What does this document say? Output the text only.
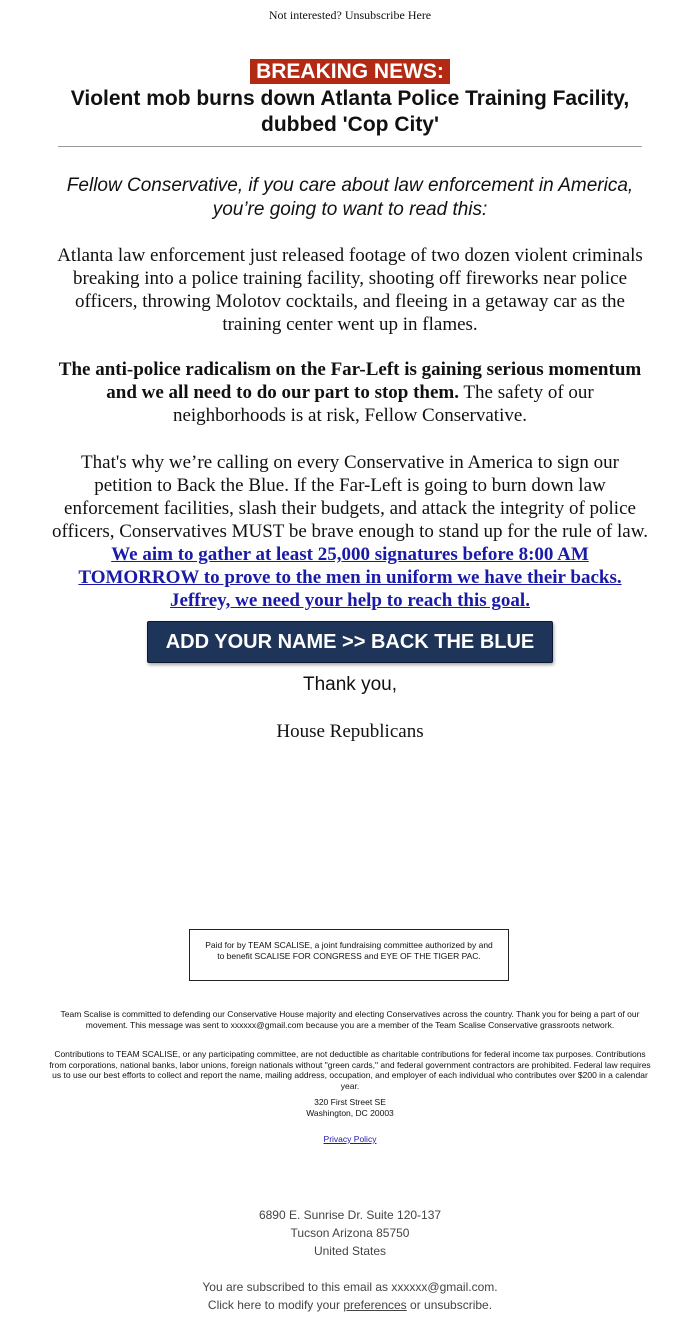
Not interested? Unsubscribe Here
BREAKING NEWS:
Violent mob burns down Atlanta Police Training Facility, dubbed 'Cop City'
Fellow Conservative, if you care about law enforcement in America, you’re going to want to read this:
Atlanta law enforcement just released footage of two dozen violent criminals breaking into a police training facility, shooting off fireworks near police officers, throwing Molotov cocktails, and fleeing in a getaway car as the training center went up in flames.
The anti-police radicalism on the Far-Left is gaining serious momentum and we all need to do our part to stop them. The safety of our neighborhoods is at risk, Fellow Conservative.
That's why we’re calling on every Conservative in America to sign our petition to Back the Blue. If the Far-Left is going to burn down law enforcement facilities, slash their budgets, and attack the integrity of police officers, Conservatives MUST be brave enough to stand up for the rule of law. We aim to gather at least 25,000 signatures before 8:00 AM TOMORROW to prove to the men in uniform we have their backs. Jeffrey, we need your help to reach this goal.
ADD YOUR NAME >> BACK THE BLUE
Thank you,
House Republicans
Paid for by TEAM SCALISE, a joint fundraising committee authorized by and to benefit SCALISE FOR CONGRESS and EYE OF THE TIGER PAC.
Team Scalise is committed to defending our Conservative House majority and electing Conservatives across the country. Thank you for being a part of our movement. This message was sent to xxxxxx@gmail.com because you are a member of the Team Scalise Conservative grassroots network.
Contributions to TEAM SCALISE, or any participating committee, are not deductible as charitable contributions for federal income tax purposes. Contributions from corporations, national banks, labor unions, foreign nationals without "green cards," and federal government contractors are prohibited. Federal law requires us to use our best efforts to collect and report the name, mailing address, occupation, and employer of each individual who contributes over $200 in a calendar year.
320 First Street SE
Washington, DC 20003
Privacy Policy
6890 E. Sunrise Dr. Suite 120-137
Tucson Arizona 85750
United States
You are subscribed to this email as xxxxxx@gmail.com.
Click here to modify your preferences or unsubscribe.
